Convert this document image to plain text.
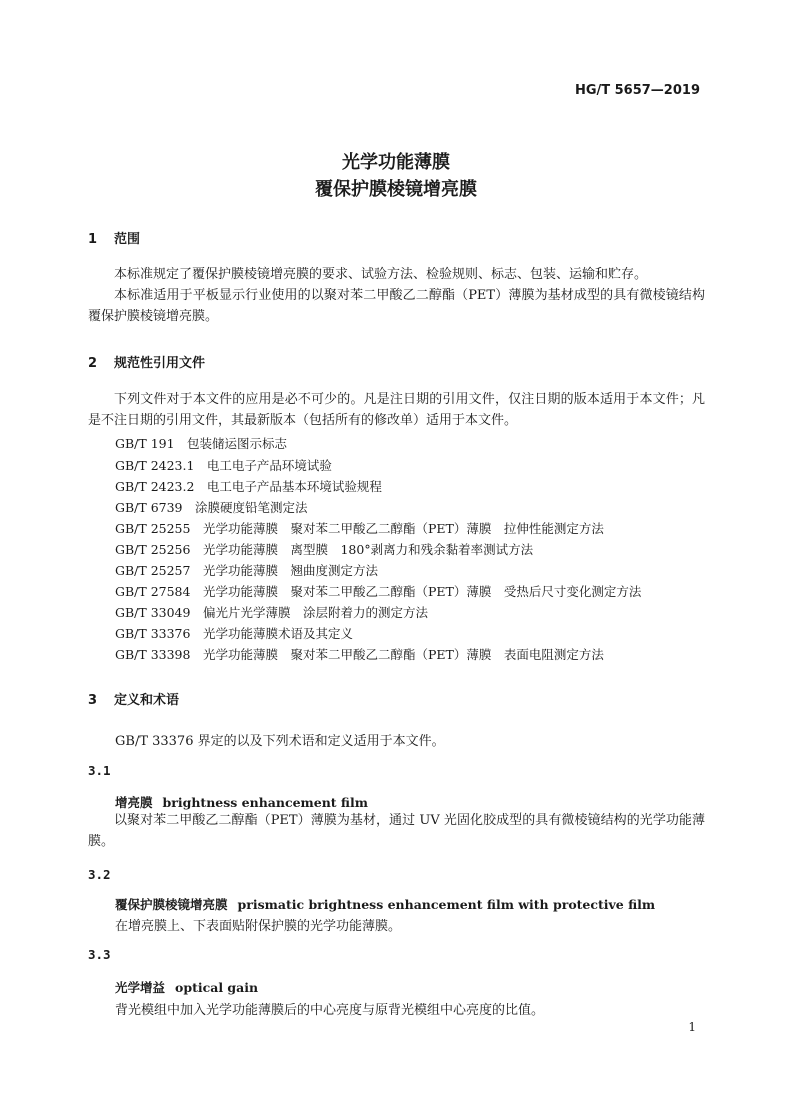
HG/T 5657—2019
光学功能薄膜
覆保护膜棱镜增亮膜
1 范围
本标准规定了覆保护膜棱镜增亮膜的要求、试验方法、检验规则、标志、包装、运输和贮存。
本标准适用于平板显示行业使用的以聚对苯二甲酸乙二醇酯（PET）薄膜为基材成型的具有微棱镜结构覆保护膜棱镜增亮膜。
2 规范性引用文件
下列文件对于本文件的应用是必不可少的。凡是注日期的引用文件，仅注日期的版本适用于本文件；凡是不注日期的引用文件，其最新版本（包括所有的修改单）适用于本文件。
GB/T 191　包装储运图示标志
GB/T 2423.1　电工电子产品环境试验
GB/T 2423.2　电工电子产品基本环境试验规程
GB/T 6739　涂膜硬度铅笔测定法
GB/T 25255　光学功能薄膜　聚对苯二甲酸乙二醇酯（PET）薄膜　拉伸性能测定方法
GB/T 25256　光学功能薄膜　离型膜　180°剥离力和残余黏着率测试方法
GB/T 25257　光学功能薄膜　翘曲度测定方法
GB/T 27584　光学功能薄膜　聚对苯二甲酸乙二醇酯（PET）薄膜　受热后尺寸变化测定方法
GB/T 33049　偏光片光学薄膜　涂层附着力的测定方法
GB/T 33376　光学功能薄膜术语及其定义
GB/T 33398　光学功能薄膜　聚对苯二甲酸乙二醇酯（PET）薄膜　表面电阻测定方法
3 定义和术语
GB/T 33376 界定的以及下列术语和定义适用于本文件。
3.1
增亮膜 brightness enhancement film
以聚对苯二甲酸乙二醇酯（PET）薄膜为基材，通过 UV 光固化胶成型的具有微棱镜结构的光学功能薄膜。
3.2
覆保护膜棱镜增亮膜 prismatic brightness enhancement film with protective film
在增亮膜上、下表面贴附保护膜的光学功能薄膜。
3.3
光学增益 optical gain
背光模组中加入光学功能薄膜后的中心亮度与原背光模组中心亮度的比值。
1
